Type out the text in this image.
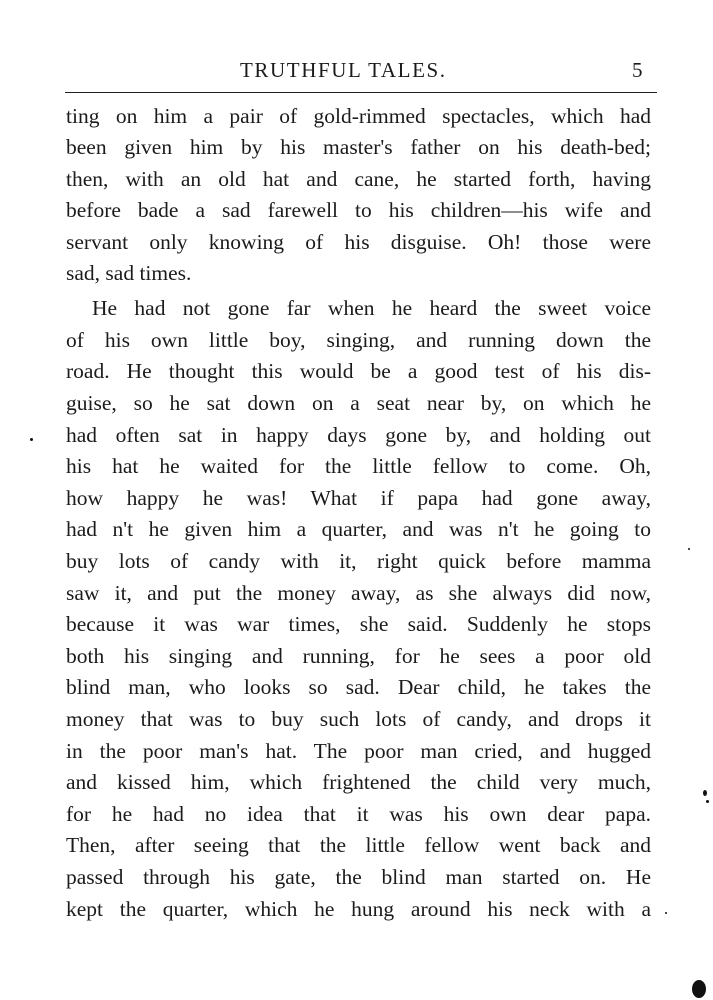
TRUTHFUL TALES.	5
ting on him a pair of gold-rimmed spectacles, which had
been given him by his master's father on his death-bed;
then, with an old hat and cane, he started forth, having
before bade a sad farewell to his children—his wife and
servant only knowing of his disguise. Oh! those were
sad, sad times.
He had not gone far when he heard the sweet voice
of his own little boy, singing, and running down the
road. He thought this would be a good test of his dis-
guise, so he sat down on a seat near by, on which he
had often sat in happy days gone by, and holding out
his hat he waited for the little fellow to come. Oh,
how happy he was! What if papa had gone away,
had n't he given him a quarter, and was n't he going to
buy lots of candy with it, right quick before mamma
saw it, and put the money away, as she always did now,
because it was war times, she said. Suddenly he stops
both his singing and running, for he sees a poor old
blind man, who looks so sad. Dear child, he takes the
money that was to buy such lots of candy, and drops it
in the poor man's hat. The poor man cried, and hugged
and kissed him, which frightened the child very much,
for he had no idea that it was his own dear papa.
Then, after seeing that the little fellow went back and
passed through his gate, the blind man started on. He
kept the quarter, which he hung around his neck with a
